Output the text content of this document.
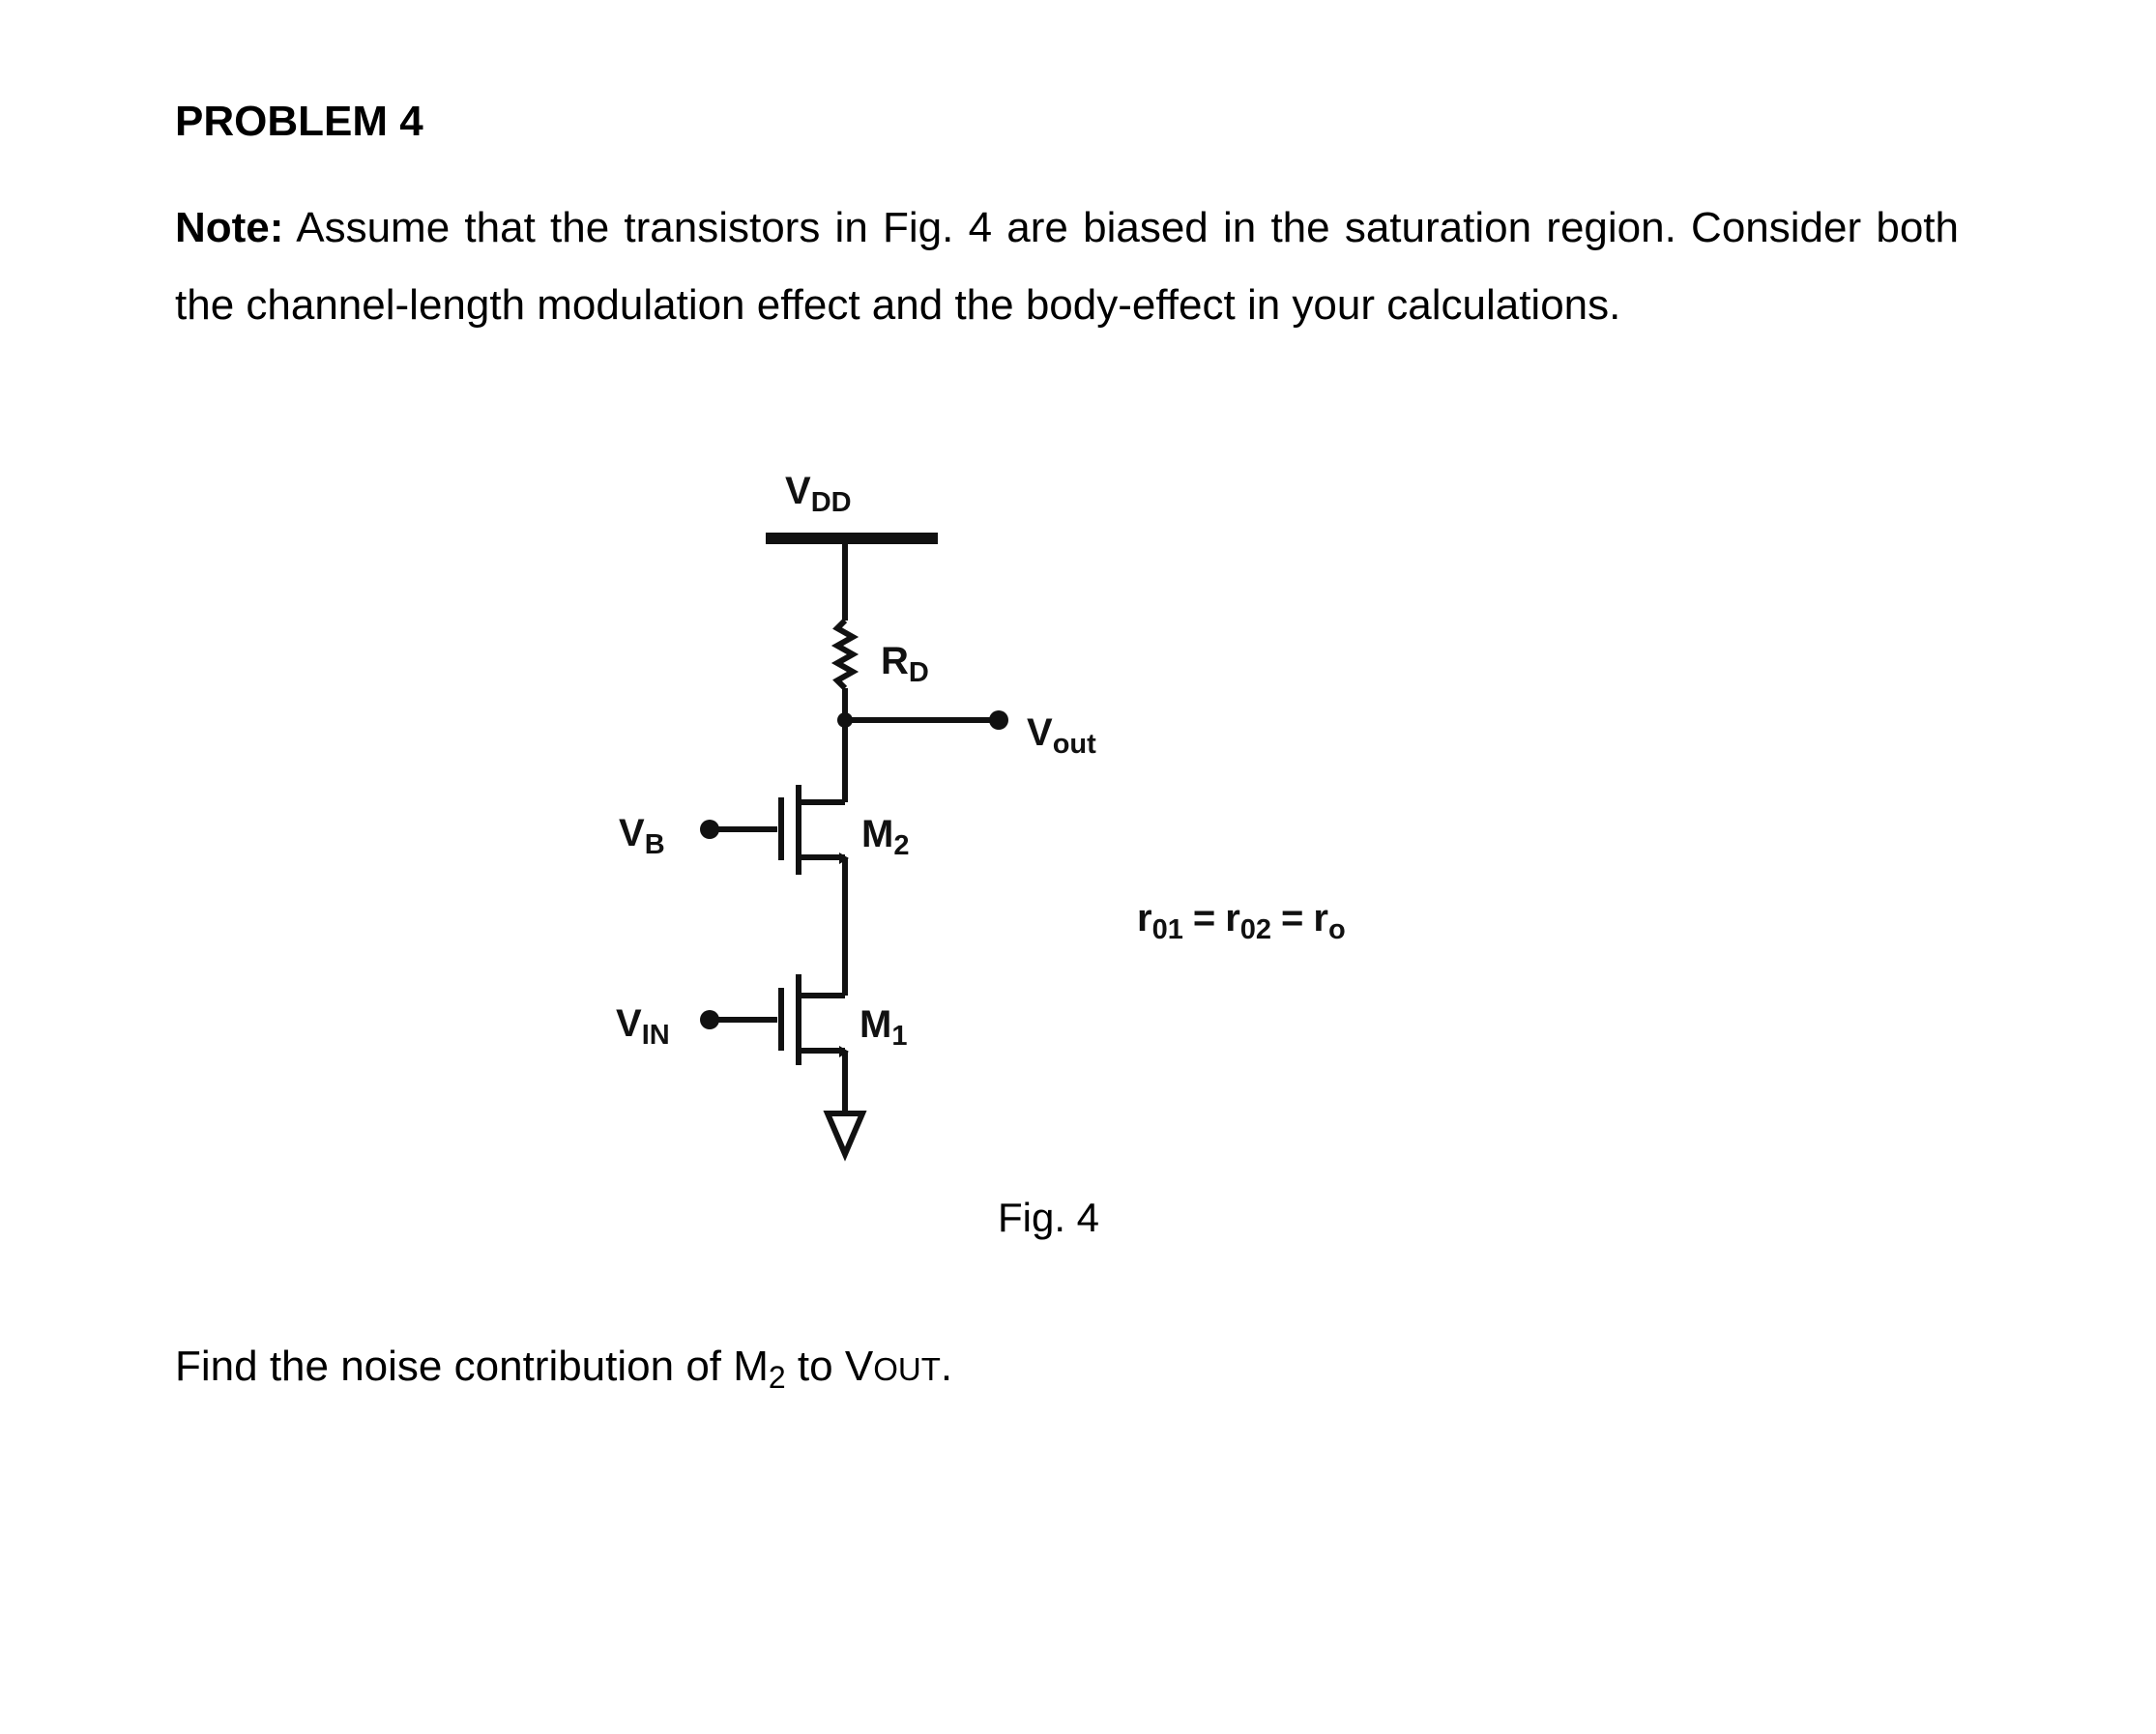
PROBLEM 4

Note: Assume that the transistors in Fig. 4 are biased in the saturation region. Consider both the channel-length modulation effect and the body-effect in your calculations.

$V_{DD}$
$R_D$
$V_{out}$
$V_B$	$M_2$
$V_{IN}$	$M_1$
$r_{01} = r_{02} = r_o$

Fig. 4

Find the noise contribution of M2 to VOUT.
